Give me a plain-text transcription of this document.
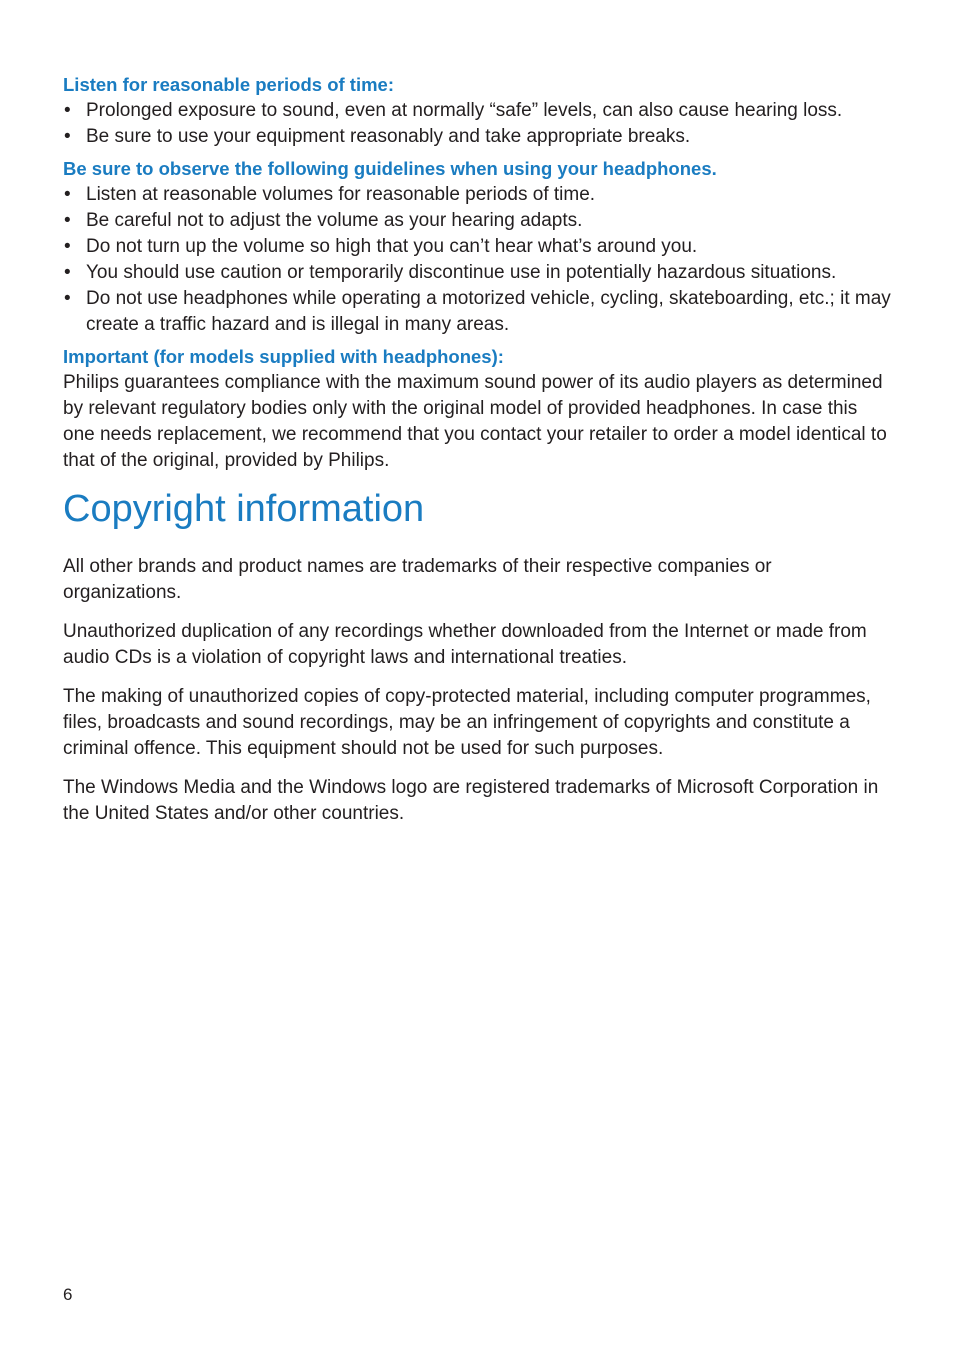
Listen for reasonable periods of time:
• Prolonged exposure to sound, even at normally “safe” levels, can also cause hearing loss.
• Be sure to use your equipment reasonably and take appropriate breaks.
Be sure to observe the following guidelines when using your headphones.
• Listen at reasonable volumes for reasonable periods of time.
• Be careful not to adjust the volume as your hearing adapts.
• Do not turn up the volume so high that you can’t hear what’s around you.
• You should use caution or temporarily discontinue use in potentially hazardous situations.
• Do not use headphones while operating a motorized vehicle, cycling, skateboarding, etc.; it may create a traffic hazard and is illegal in many areas.
Important (for models supplied with headphones):

Philips guarantees compliance with the maximum sound power of its audio players as determined by relevant regulatory bodies only with the original model of provided headphones. In case this one needs replacement, we recommend that you contact your retailer to order a model identical to that of the original, provided by Philips.

Copyright information

All other brands and product names are trademarks of their respective companies or organizations.

Unauthorized duplication of any recordings whether downloaded from the Internet or made from audio CDs is a violation of copyright laws and international treaties.

The making of unauthorized copies of copy-protected material, including computer programmes, files, broadcasts and sound recordings, may be an infringement of copyrights and constitute a criminal offence. This equipment should not be used for such purposes.

The Windows Media and the Windows logo are registered trademarks of Microsoft Corporation in the United States and/or other countries.

6
